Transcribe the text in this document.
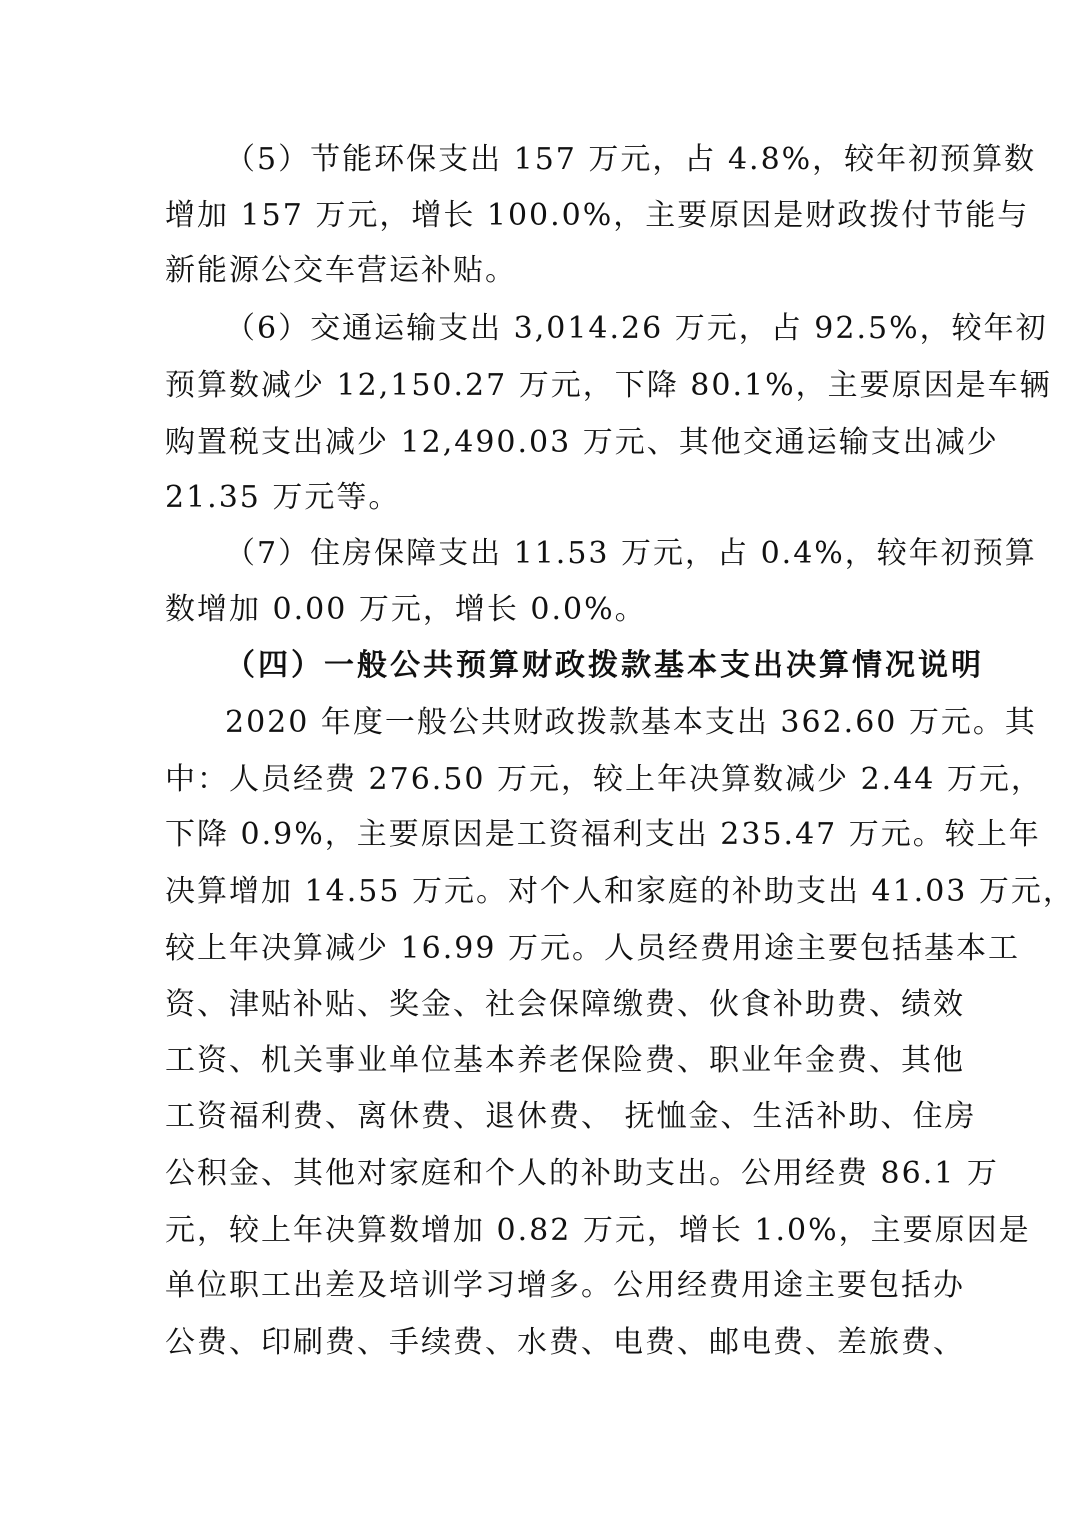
（5）节能环保支出 157 万元，占 4.8%，较年初预算数
增加 157 万元，增长 100.0%，主要原因是财政拨付节能与
新能源公交车营运补贴。
（6）交通运输支出 3,014.26 万元，占 92.5%，较年初
预算数减少 12,150.27 万元，下降 80.1%，主要原因是车辆
购置税支出减少 12,490.03 万元、其他交通运输支出减少
21.35 万元等。
（7）住房保障支出 11.53 万元，占 0.4%，较年初预算
数增加 0.00 万元，增长 0.0%。
（四）一般公共预算财政拨款基本支出决算情况说明
2020 年度一般公共财政拨款基本支出 362.60 万元。其
中：人员经费 276.50 万元，较上年决算数减少 2.44 万元，
下降 0.9%，主要原因是工资福利支出 235.47 万元。较上年
决算增加 14.55 万元。对个人和家庭的补助支出 41.03 万元，
较上年决算减少 16.99 万元。人员经费用途主要包括基本工
资、津贴补贴、奖金、社会保障缴费、伙食补助费、绩效
工资、机关事业单位基本养老保险费、职业年金费、其他
工资福利费、离休费、退休费、 抚恤金、生活补助、住房
公积金、其他对家庭和个人的补助支出。公用经费 86.1 万
元，较上年决算数增加 0.82 万元，增长 1.0%，主要原因是
单位职工出差及培训学习增多。公用经费用途主要包括办
公费、印刷费、手续费、水费、电费、邮电费、差旅费、
